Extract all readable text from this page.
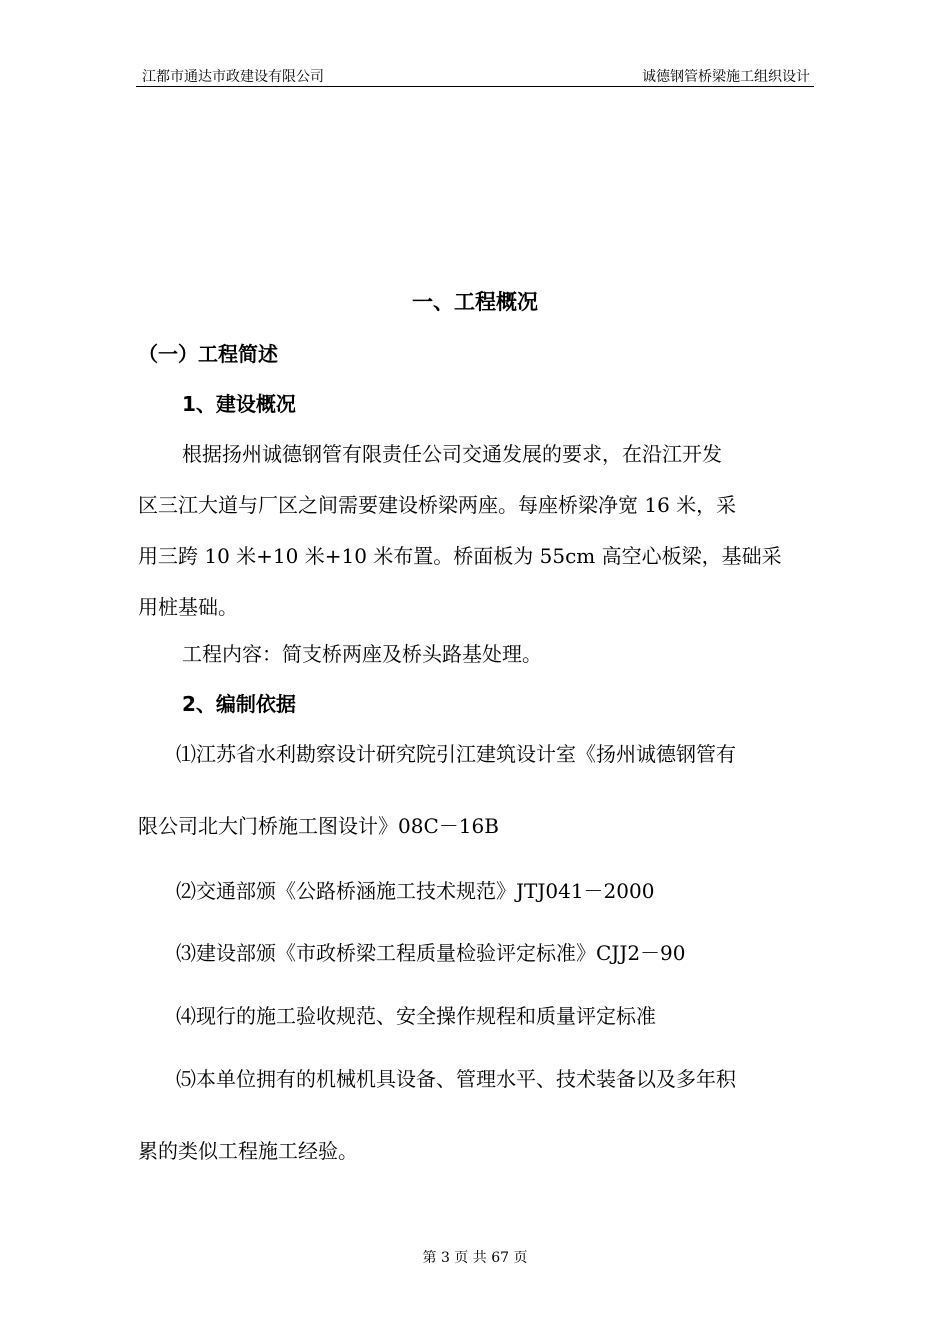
江都市通达市政建设有限公司	诚德钢管桥梁施工组织设计
一、工程概况
（一）工程简述
1、建设概况
根据扬州诚德钢管有限责任公司交通发展的要求，在沿江开发
区三江大道与厂区之间需要建设桥梁两座。每座桥梁净宽 16 米，采
用三跨 10 米+10 米+10 米布置。桥面板为 55cm 高空心板梁，基础采
用桩基础。
工程内容：简支桥两座及桥头路基处理。
2、编制依据
⑴江苏省水利勘察设计研究院引江建筑设计室《扬州诚德钢管有
限公司北大门桥施工图设计》08C－16B
⑵交通部颁《公路桥涵施工技术规范》JTJ041－2000
⑶建设部颁《市政桥梁工程质量检验评定标准》CJJ2－90
⑷现行的施工验收规范、安全操作规程和质量评定标准
⑸本单位拥有的机械机具设备、管理水平、技术装备以及多年积
累的类似工程施工经验。
第 3 页 共 67 页
